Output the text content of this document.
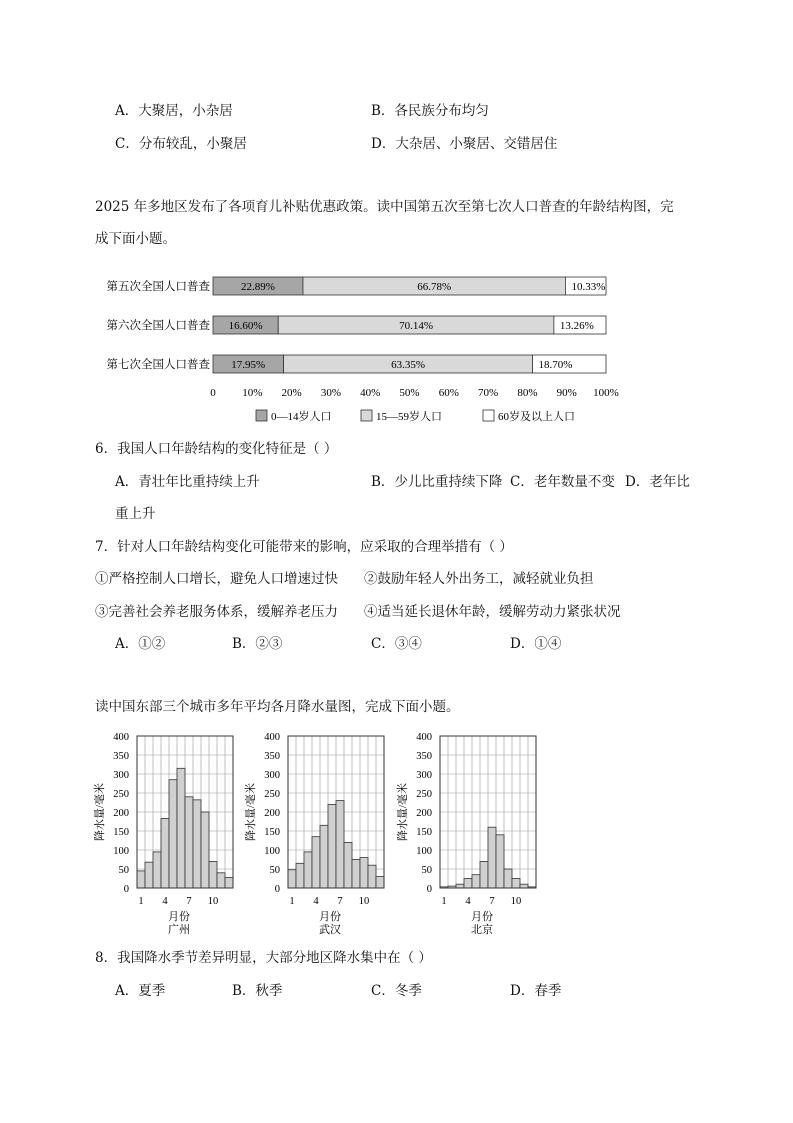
A．大聚居，小杂居	B．各民族分布均匀
C．分布较乱，小聚居	D．大杂居、小聚居、交错居住
2025 年多地区发布了各项育儿补贴优惠政策。读中国第五次至第七次人口普查的年龄结构图，完
成下面小题。
第五次全国人口普查	22.89%	66.78%	10.33%
第六次全国人口普查 16.60%	70.14%	13.26%
第七次全国人口普查 17.95%	63.35%	18.70%
0 10% 20% 30% 40% 50% 60% 70% 80% 90% 100%
0—14岁人口	15—59岁人口	60岁及以上人口
6．我国人口年龄结构的变化特征是（ ）
A．青壮年比重持续上升	B．少儿比重持续下降 C．老年数量不变 D．老年比
重上升
7．针对人口年龄结构变化可能带来的影响，应采取的合理举措有（ ）
①严格控制人口增长，避免人口增速过快 ②鼓励年轻人外出务工，减轻就业负担
③完善社会养老服务体系，缓解养老压力 ④适当延长退休年龄，缓解劳动力紧张状况
A．①②	B．②③	C．③④	D．①④
读中国东部三个城市多年平均各月降水量图，完成下面小题。
降水量/毫米
400
350
300
250
200
150
100
50
0
1 4 7 10
月份
广州
降水量/毫米
400
350
300
250
200
150
100
50
0
1 4 7 10
月份
武汉
降水量/毫米
400
350
300
250
200
150
100
50
0
1 4 7 10
月份
北京
8．我国降水季节差异明显，大部分地区降水集中在（ ）
A．夏季	B．秋季	C．冬季	D．春季
